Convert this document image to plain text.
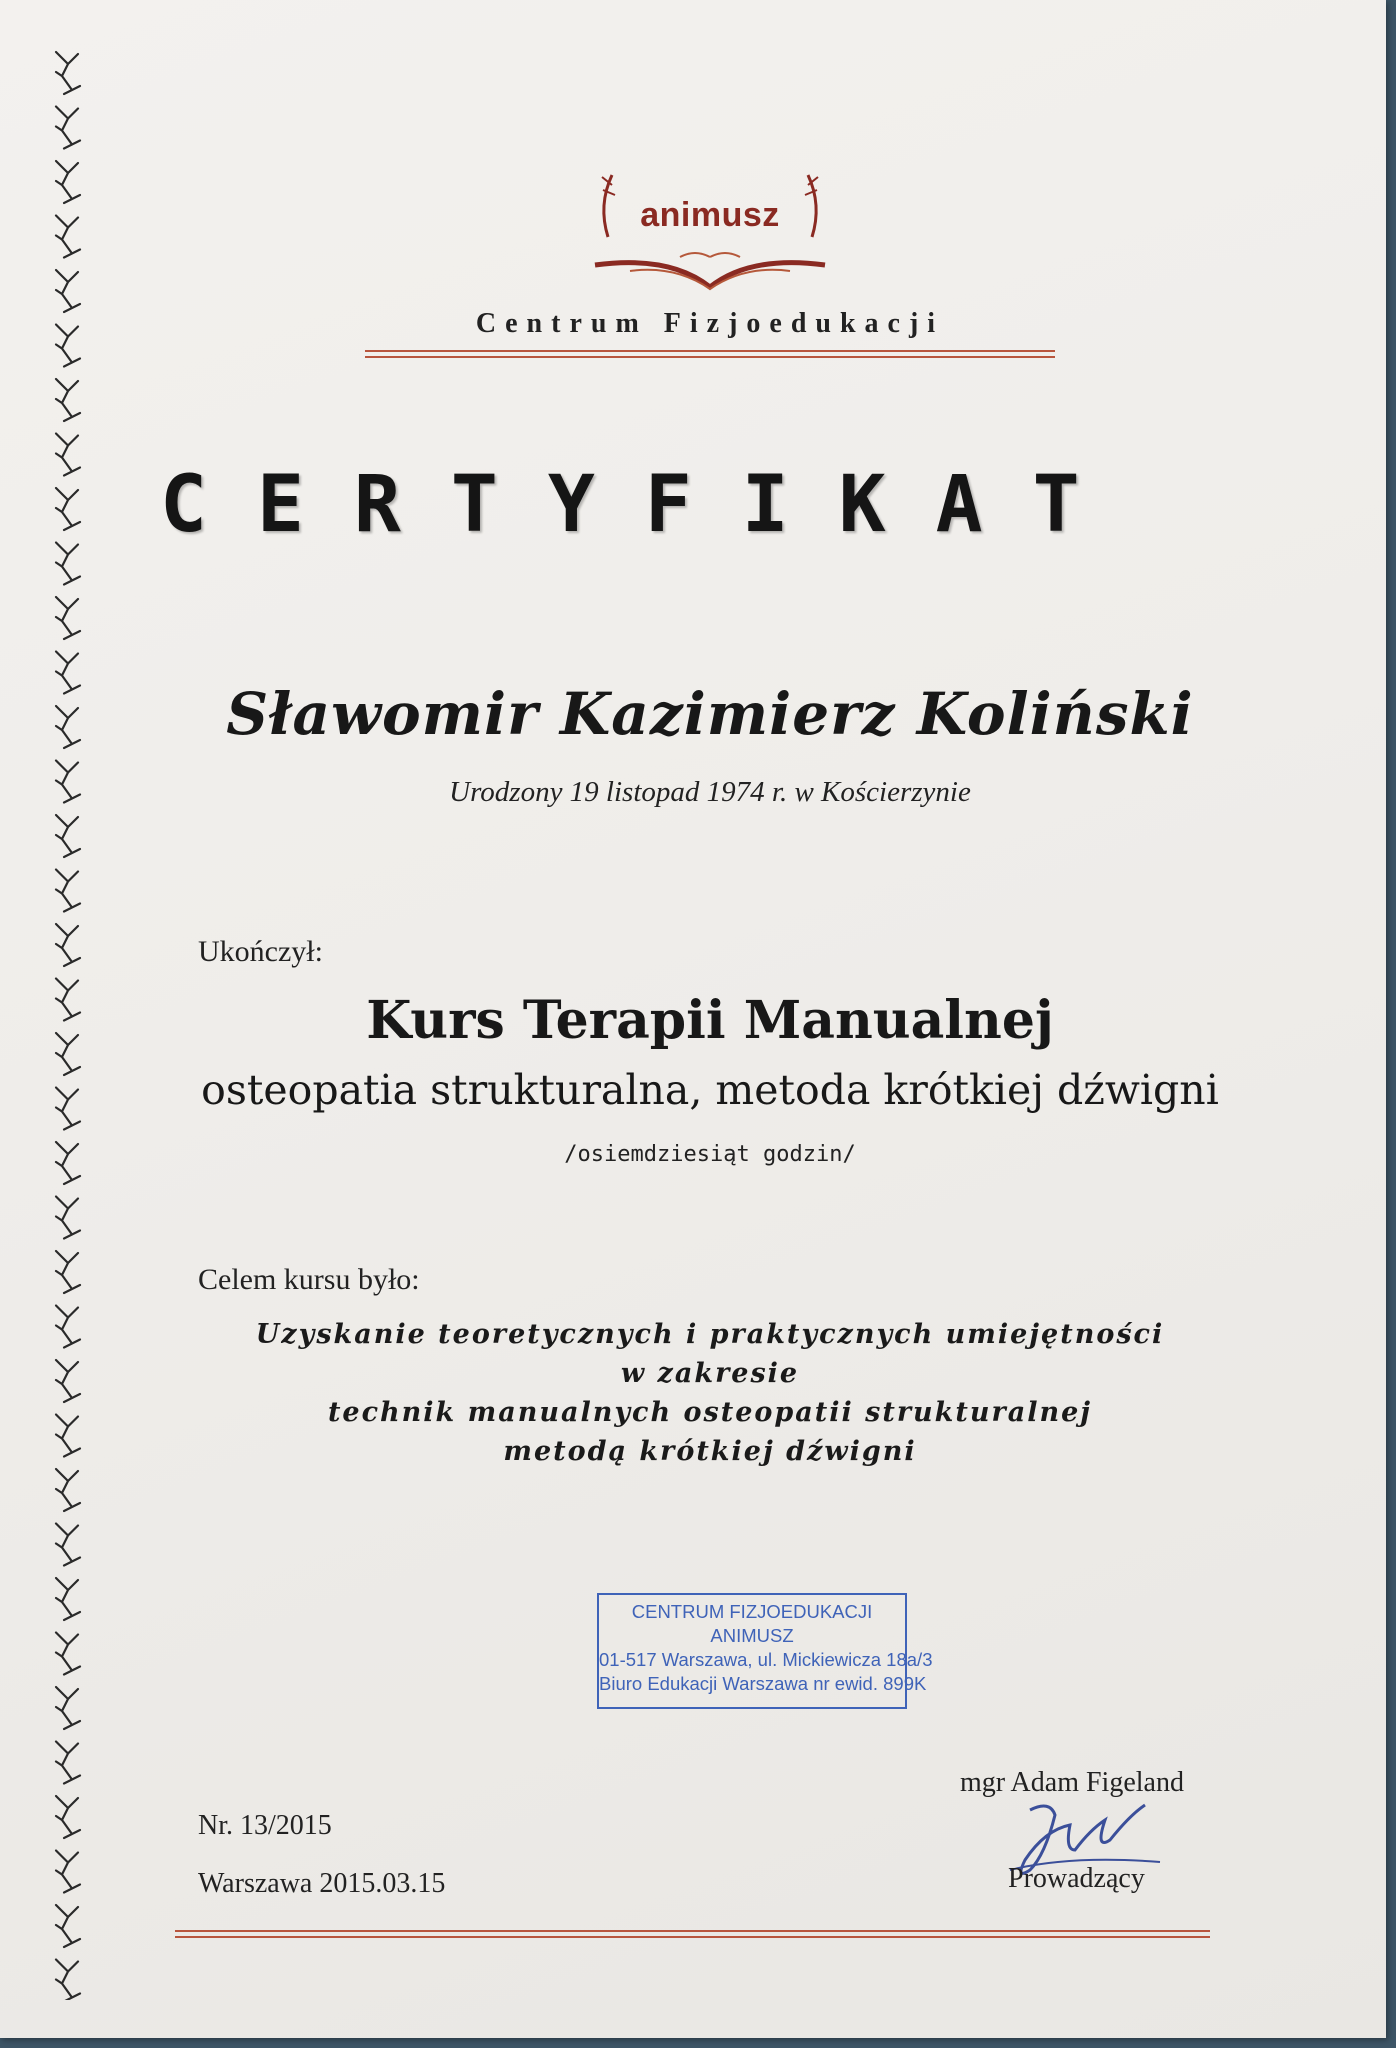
animusz
Centrum Fizjoedukacji
CERTYFIKAT
Sławomir Kazimierz Koliński
Urodzony 19 listopad 1974 r. w Kościerzynie
Ukończył:
Kurs Terapii Manualnej
osteopatia strukturalna, metoda krótkiej dźwigni
/osiemdziesiąt godzin/
Celem kursu było:
Uzyskanie teoretycznych i praktycznych umiejętności
w zakresie
technik manualnych osteopatii strukturalnej
metodą krótkiej dźwigni
CENTRUM FIZJOEDUKACJI
ANIMUSZ
01-517 Warszawa, ul. Mickiewicza 18a/3
Biuro Edukacji Warszawa nr ewid. 899K
Nr. 13/2015
Warszawa 2015.03.15
mgr Adam Figeland
Prowadzący
